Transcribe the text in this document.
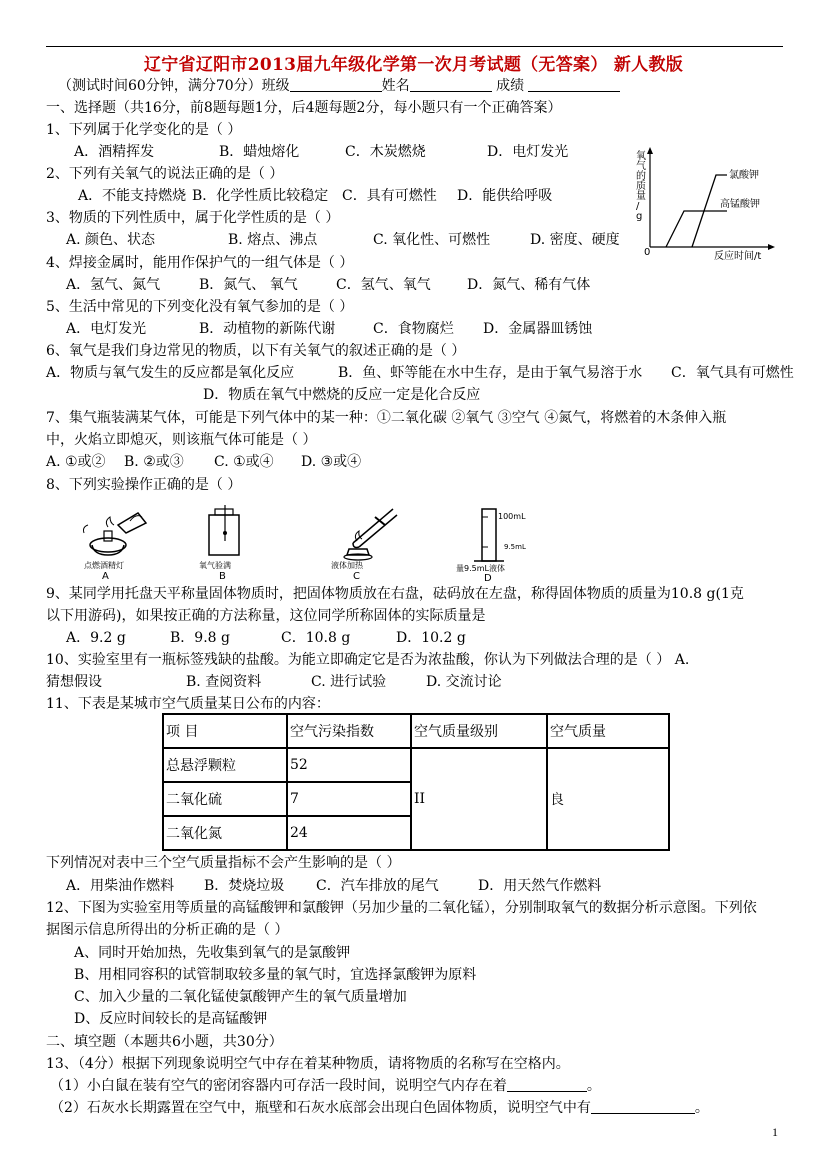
辽宁省辽阳市2013届九年级化学第一次月考试题（无答案） 新人教版
（测试时间60分钟，满分70分）班级	姓名	成绩
一、选择题（共16分，前8题每题1分，后4题每题2分，每小题只有一个正确答案）
1、下列属于化学变化的是（ ）
A．酒精挥发	B．蜡烛熔化	C．木炭燃烧	D．电灯发光
2、下列有关氧气的说法正确的是（ ）
A．不能支持燃烧 B．化学性质比较稳定 C．具有可燃性 D．能供给呼吸
3、物质的下列性质中，属于化学性质的是（ ）
A. 颜色、状态	B. 熔点、沸点	C. 氧化性、可燃性	D. 密度、硬度
4、焊接金属时，能用作保护气的一组气体是（ ）
A．氢气、氮气	B．氮气、 氧气	C．氢气、氧气	D．氮气、稀有气体
5、生活中常见的下列变化没有氧气参加的是（ ）
A．电灯发光	B．动植物的新陈代谢	C．食物腐烂 D．金属器皿锈蚀
6、氧气是我们身边常见的物质，以下有关氧气的叙述正确的是（ ）
A．物质与氧气发生的反应都是氧化反应	B．鱼、虾等能在水中生存，是由于氧气易溶于水 C．氧气具有可燃性
D．物质在氧气中燃烧的反应一定是化合反应
7、集气瓶装满某气体，可能是下列气体中的某一种：①二氧化碳 ②氧气 ③空气 ④氮气，将燃着的木条伸入瓶
中，火焰立即熄灭，则该瓶气体可能是（ ）
A. ①或② B. ②或③ C. ①或④ D. ③或④
8、下列实验操作正确的是（ ）
点燃酒精灯
A
氧气验满
B
液体加热
C
100mL
9.5mL
量9.5mL液体
D
9、某同学用托盘天平称量固体物质时，把固体物质放在右盘，砝码放在左盘，称得固体物质的质量为10.8 g(1克
以下用游码)，如果按正确的方法称量，这位同学所称固体的实际质量是
A．9.2 g	B．9.8 g	C．10.8 g	D．10.2 g
10、实验室里有一瓶标签残缺的盐酸。为能立即确定它是否为浓盐酸，你认为下列做法合理的是（ ） A.
猜想假设	B. 查阅资料	C. 进行试验	D. 交流讨论
11、下表是某城市空气质量某日公布的内容：
项 目	空气污染指数	空气质量级别	空气质量
总悬浮颗粒	52	II	良
二氧化硫	7		
二氧化氮	24		
下列情况对表中三个空气质量指标不会产生影响的是（ ）
A．用柴油作燃料 B．焚烧垃圾 C．汽车排放的尾气	D．用天然气作燃料
12、下图为实验室用等质量的高锰酸钾和氯酸钾（另加少量的二氧化锰），分别制取氧气的数据分析示意图。下列依
据图示信息所得出的分析正确的是（ ）
A、同时开始加热，先收集到氧气的是氯酸钾
B、用相同容积的试管制取较多量的氧气时，宜选择氯酸钾为原料
C、加入少量的二氧化锰使氯酸钾产生的氧气质量增加
D、反应时间较长的是高锰酸钾
二、填空题（本题共6小题，共30分）
13、（4分）根据下列现象说明空气中存在着某种物质，请将物质的名称写在空格内。
（1）小白鼠在装有空气的密闭容器内可存活一段时间，说明空气内存在着	。
（2）石灰水长期露置在空气中，瓶壁和石灰水底部会出现白色固体物质，说明空气中有	。
氧
气
的
质
量
/
g
0
氯酸钾
高锰酸钾
反应时间/t
1
